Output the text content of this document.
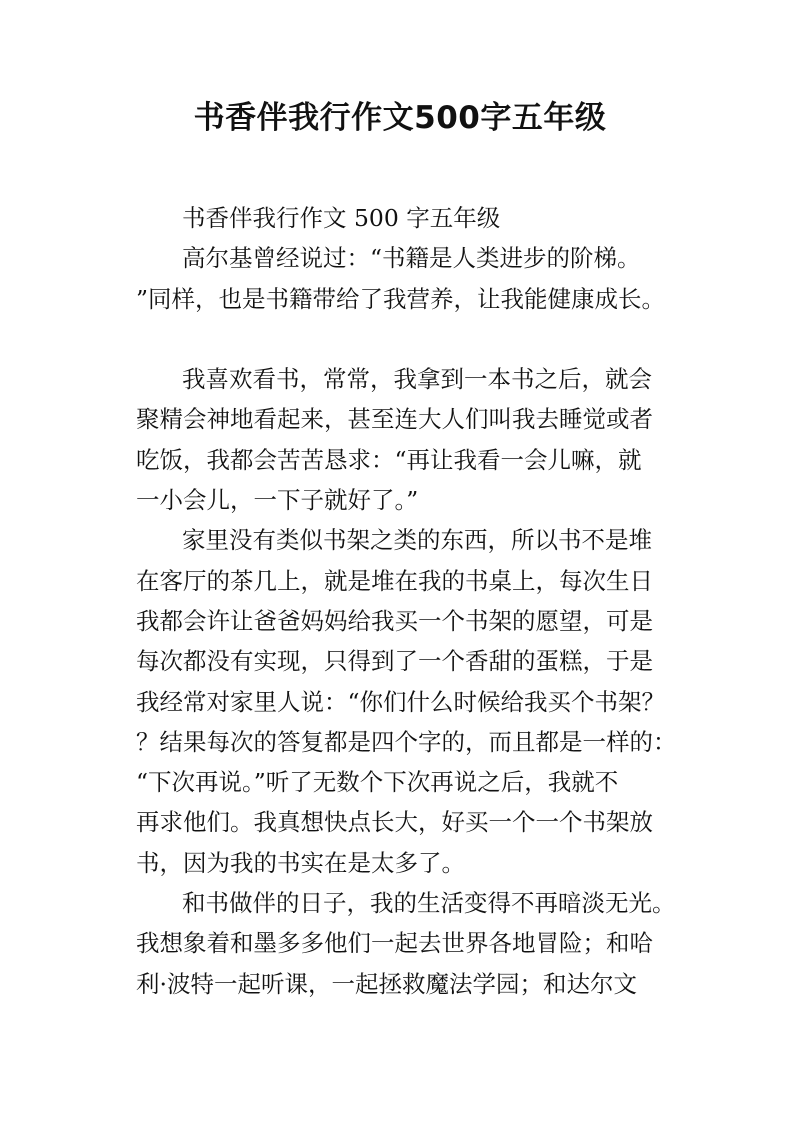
书香伴我行作文500字五年级
书香伴我行作文 500 字五年级
高尔基曾经说过：“书籍是人类进步的阶梯。
”同样，也是书籍带给了我营养，让我能健康成长。
我喜欢看书，常常，我拿到一本书之后，就会
聚精会神地看起来，甚至连大人们叫我去睡觉或者
吃饭，我都会苦苦恳求：“再让我看一会儿嘛，就
一小会儿，一下子就好了。”
家里没有类似书架之类的东西，所以书不是堆
在客厅的茶几上，就是堆在我的书桌上，每次生日
我都会许让爸爸妈妈给我买一个书架的愿望，可是
每次都没有实现，只得到了一个香甜的蛋糕，于是
我经常对家里人说：“你们什么时候给我买个书架？
？结果每次的答复都是四个字的，而且都是一样的：
“下次再说。”听了无数个下次再说之后，我就不
再求他们。我真想快点长大，好买一个一个书架放
书，因为我的书实在是太多了。
和书做伴的日子，我的生活变得不再暗淡无光。
我想象着和墨多多他们一起去世界各地冒险；和哈
利·波特一起听课，一起拯救魔法学园；和达尔文
